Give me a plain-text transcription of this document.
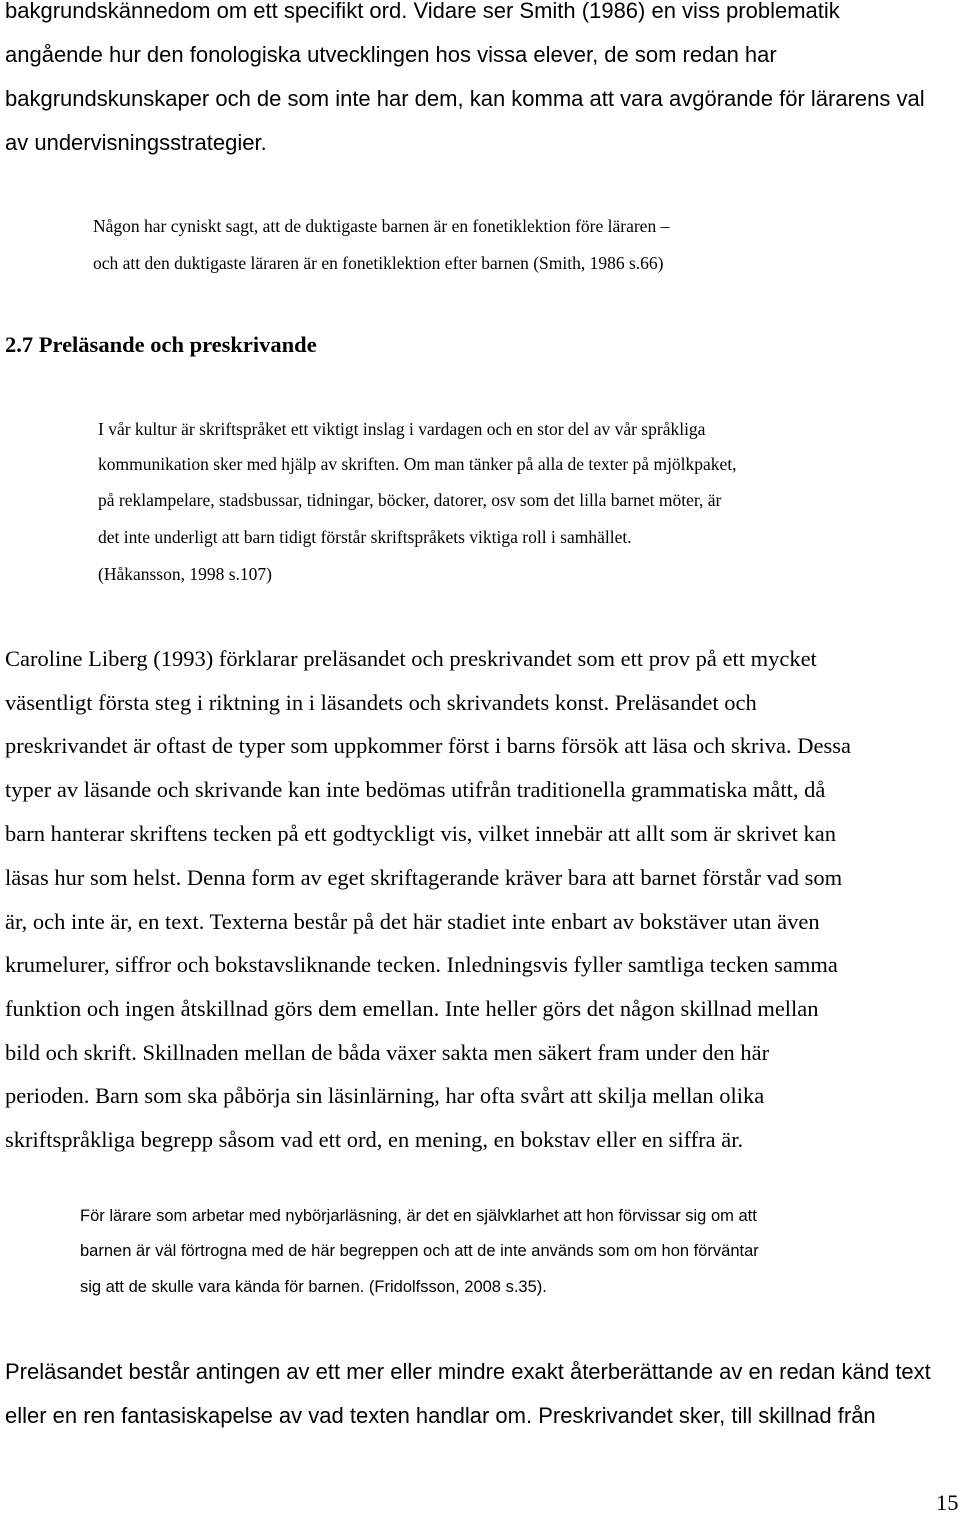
bakgrundskännedom om ett specifikt ord. Vidare ser Smith (1986) en viss problematik

angående hur den fonologiska utvecklingen hos vissa elever, de som redan har

bakgrundskunskaper och de som inte har dem, kan komma att vara avgörande för lärarens val

av undervisningsstrategier.

Någon har cyniskt sagt, att de duktigaste barnen är en fonetiklektion före läraren –

och att den duktigaste läraren är en fonetiklektion efter barnen (Smith, 1986 s.66)

2.7 Preläsande och preskrivande

I vår kultur är skriftspråket ett viktigt inslag i vardagen och en stor del av vår språkliga

kommunikation sker med hjälp av skriften. Om man tänker på alla de texter på mjölkpaket,

på reklampelare, stadsbussar, tidningar, böcker, datorer, osv som det lilla barnet möter, är

det inte underligt att barn tidigt förstår skriftspråkets viktiga roll i samhället.

(Håkansson, 1998 s.107)

Caroline Liberg (1993) förklarar preläsandet och preskrivandet som ett prov på ett mycket

väsentligt första steg i riktning in i läsandets och skrivandets konst. Preläsandet och

preskrivandet är oftast de typer som uppkommer först i barns försök att läsa och skriva. Dessa

typer av läsande och skrivande kan inte bedömas utifrån traditionella grammatiska mått, då

barn hanterar skriftens tecken på ett godtyckligt vis, vilket innebär att allt som är skrivet kan

läsas hur som helst. Denna form av eget skriftagerande kräver bara att barnet förstår vad som

är, och inte är, en text. Texterna består på det här stadiet inte enbart av bokstäver utan även

krumelurer, siffror och bokstavsliknande tecken. Inledningsvis fyller samtliga tecken samma

funktion och ingen åtskillnad görs dem emellan. Inte heller görs det någon skillnad mellan

bild och skrift. Skillnaden mellan de båda växer sakta men säkert fram under den här

perioden. Barn som ska påbörja sin läsinlärning, har ofta svårt att skilja mellan olika

skriftspråkliga begrepp såsom vad ett ord, en mening, en bokstav eller en siffra är.

För lärare som arbetar med nybörjarläsning, är det en självklarhet att hon förvissar sig om att

barnen är väl förtrogna med de här begreppen och att de inte används som om hon förväntar

sig att de skulle vara kända för barnen. (Fridolfsson, 2008 s.35).

Preläsandet består antingen av ett mer eller mindre exakt återberättande av en redan känd text

eller en ren fantasiskapelse av vad texten handlar om. Preskrivandet sker, till skillnad från

15
